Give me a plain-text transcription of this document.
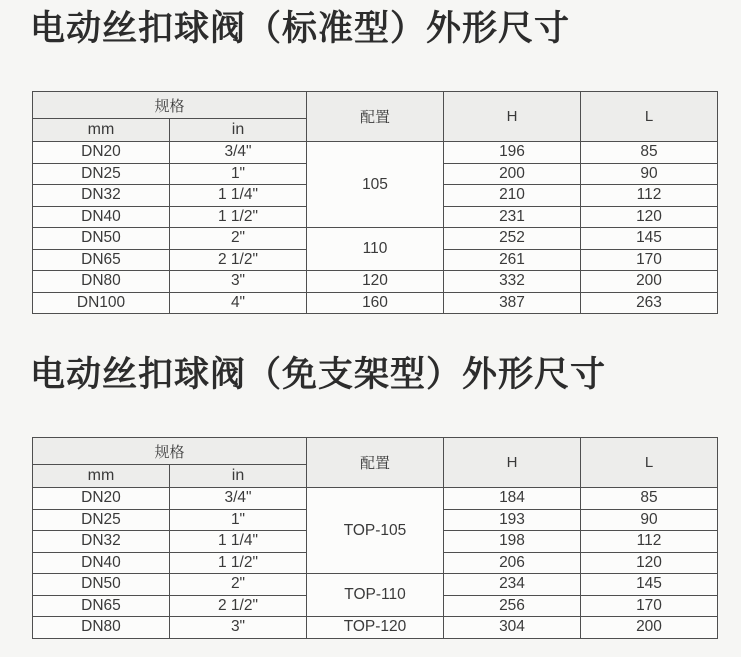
电动丝扣球阀（标准型）外形尺寸
规格		配置	H	L
mm	in			
DN20	3/4"	105	196	85
DN25	1"		200	90
DN32	1 1/4"		210	112
DN40	1 1/2"		231	120
DN50	2"	110	252	145
DN65	2 1/2"		261	170
DN80	3"	120	332	200
DN100	4"	160	387	263
电动丝扣球阀（免支架型）外形尺寸
规格		配置	H	L
mm	in			
DN20	3/4"	TOP-105	184	85
DN25	1"		193	90
DN32	1 1/4"		198	112
DN40	1 1/2"		206	120
DN50	2"	TOP-110	234	145
DN65	2 1/2"		256	170
DN80	3"	TOP-120	304	200
